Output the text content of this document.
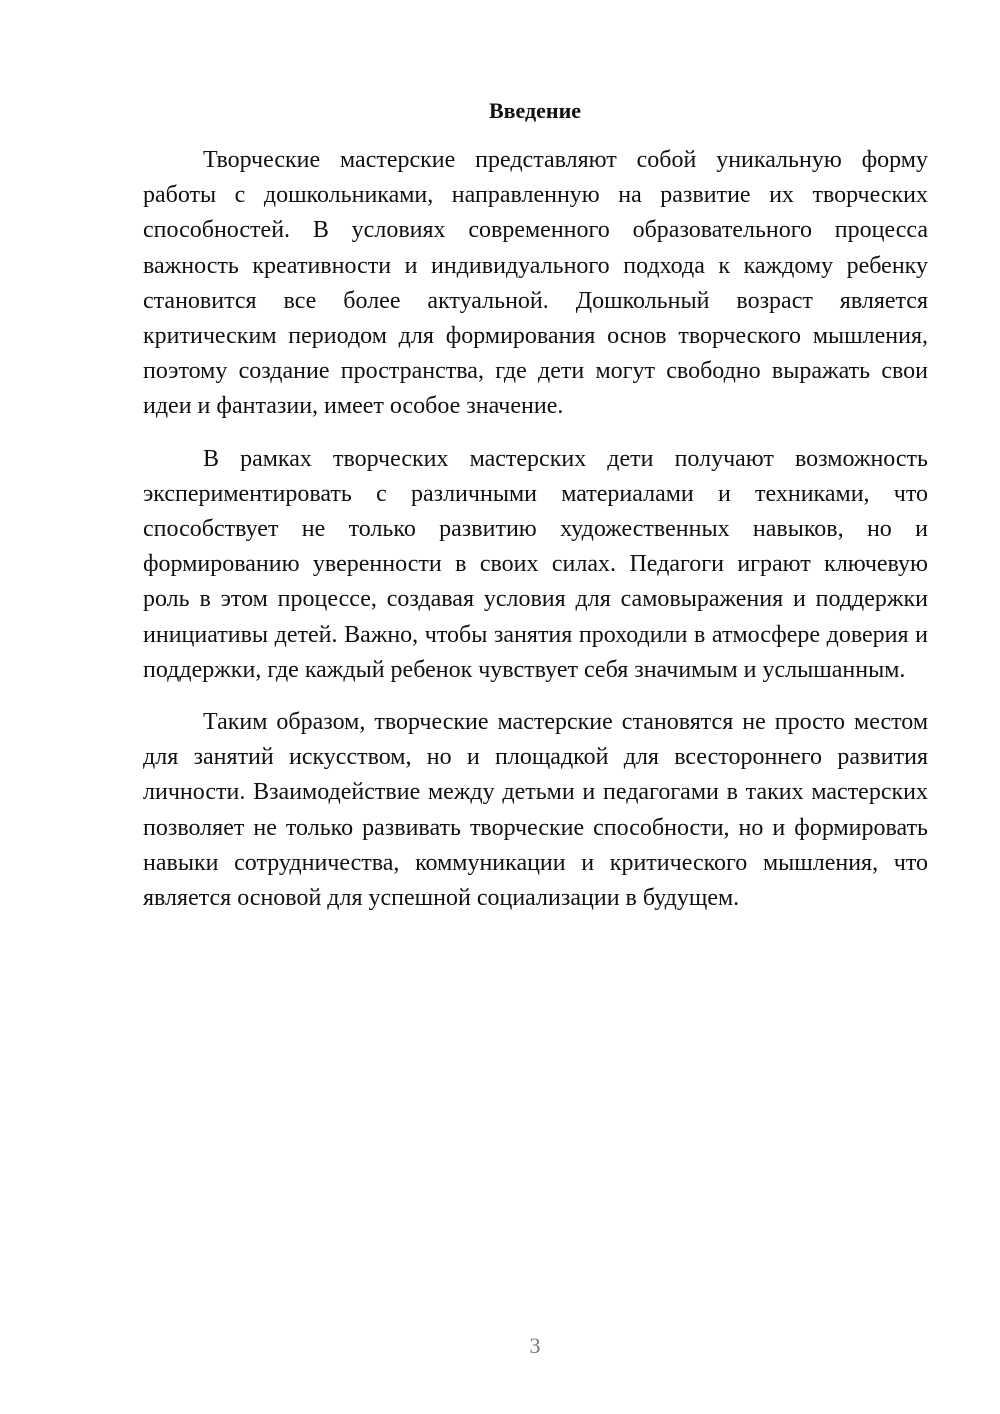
Введение

Творческие мастерские представляют собой уникальную форму работы с дошкольниками, направленную на развитие их творческих способностей. В условиях современного образовательного процесса важность креативности и индивидуального подхода к каждому ребенку становится все более актуальной. Дошкольный возраст является критическим периодом для формирования основ творческого мышления, поэтому создание пространства, где дети могут свободно выражать свои идеи и фантазии, имеет особое значение.

В рамках творческих мастерских дети получают возможность экспериментировать с различными материалами и техниками, что способствует не только развитию художественных навыков, но и формированию уверенности в своих силах. Педагоги играют ключевую роль в этом процессе, создавая условия для самовыражения и поддержки инициативы детей. Важно, чтобы занятия проходили в атмосфере доверия и поддержки, где каждый ребенок чувствует себя значимым и услышанным.

Таким образом, творческие мастерские становятся не просто местом для занятий искусством, но и площадкой для всестороннего развития личности. Взаимодействие между детьми и педагогами в таких мастерских позволяет не только развивать творческие способности, но и формировать навыки сотрудничества, коммуникации и критического мышления, что является основой для успешной социализации в будущем.

3
